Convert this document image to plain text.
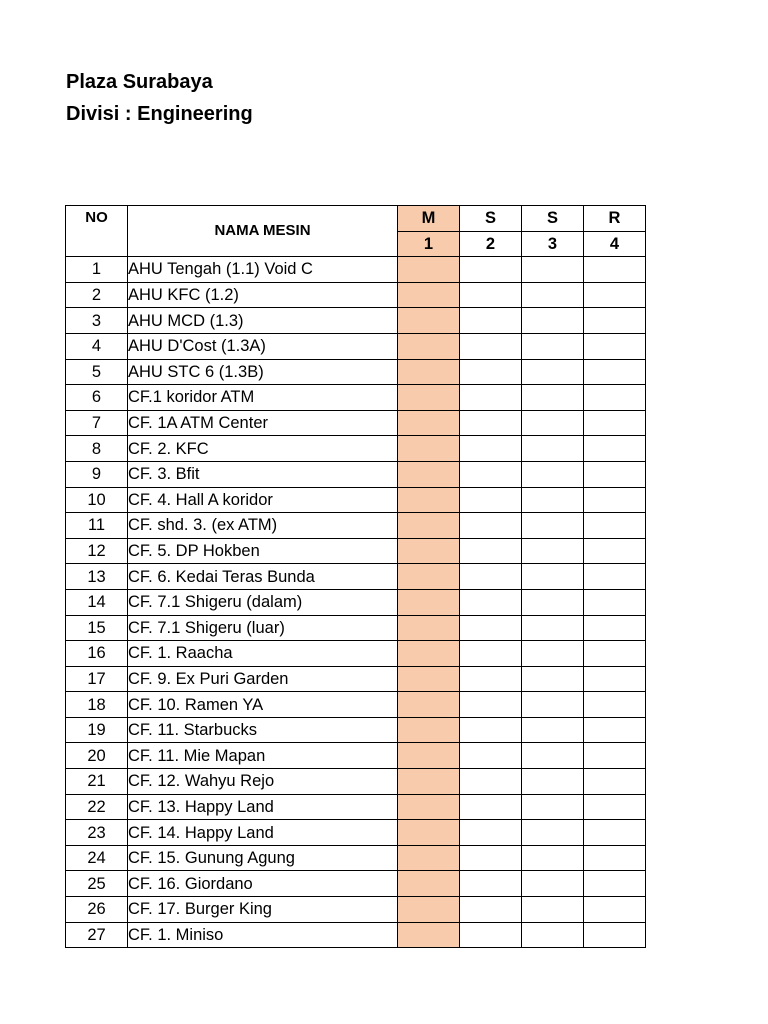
Plaza Surabaya
Divisi : Engineering
NO	NAMA MESIN	M	S	S	R
		1	2	3	4
1	AHU Tengah (1.1) Void C				
2	AHU KFC (1.2)				
3	AHU MCD (1.3)				
4	AHU D'Cost (1.3A)				
5	AHU STC 6 (1.3B)				
6	CF.1 koridor ATM				
7	CF. 1A ATM Center				
8	CF. 2. KFC				
9	CF. 3. Bfit				
10	CF. 4. Hall A koridor				
11	CF. shd. 3. (ex ATM)				
12	CF. 5. DP Hokben				
13	CF. 6. Kedai Teras Bunda				
14	CF. 7.1 Shigeru (dalam)				
15	CF. 7.1 Shigeru (luar)				
16	CF. 1. Raacha				
17	CF. 9. Ex Puri Garden				
18	CF. 10. Ramen YA				
19	CF. 11. Starbucks				
20	CF. 11. Mie Mapan				
21	CF. 12. Wahyu Rejo				
22	CF. 13. Happy Land				
23	CF. 14. Happy Land				
24	CF. 15. Gunung Agung				
25	CF. 16. Giordano				
26	CF. 17. Burger King				
27	CF. 1. Miniso				
